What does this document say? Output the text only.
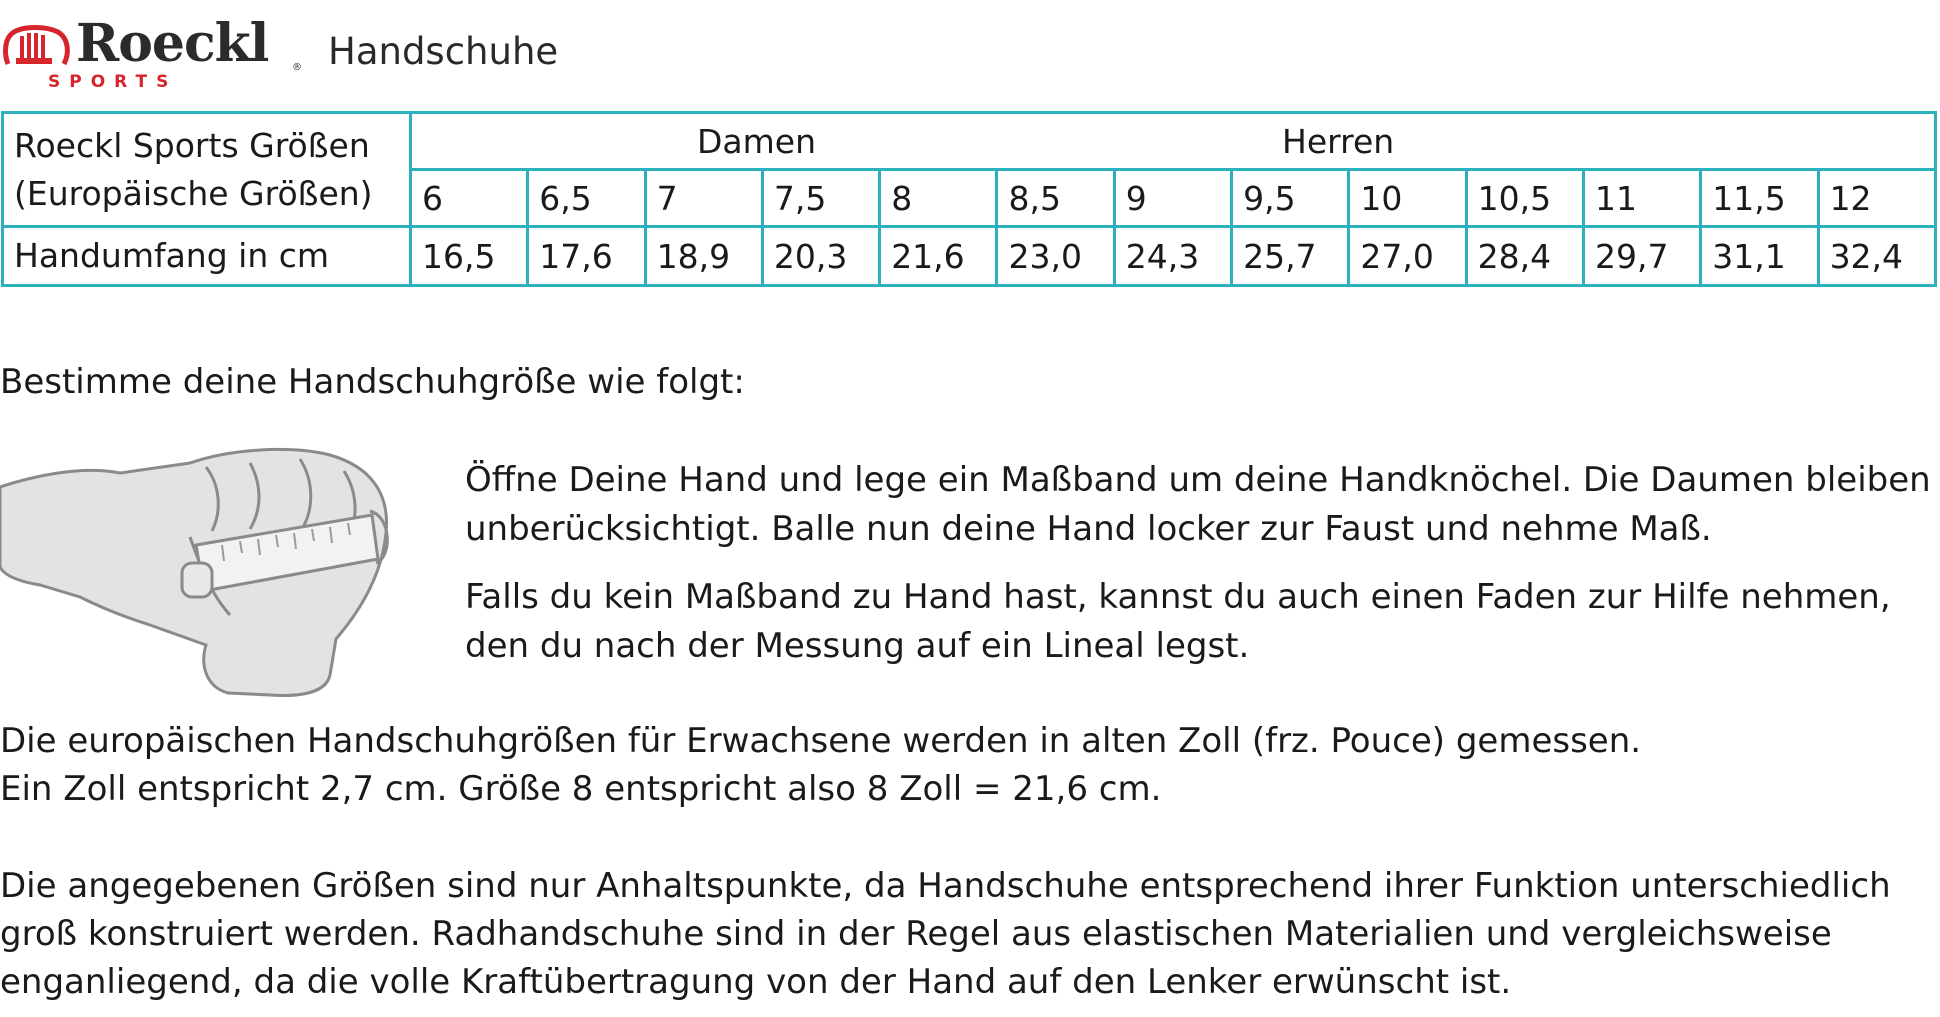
Roeckl ®
SPORTS
Handschuhe
Roeckl Sports Größen
(Europäische Größen)	Damen Herren												

	6	6,5	7	7,5	8	8,5	9	9,5	10	10,5	11	11,5	12
Handumfang in cm	16,5	17,6	18,9	20,3	21,6	23,0	24,3	25,7	27,0	28,4	29,7	31,1	32,4
Bestimme deine Handschuhgröße wie folgt:
Öffne Deine Hand und lege ein Maßband um deine Handknöchel. Die Daumen bleiben
unberücksichtigt. Balle nun deine Hand locker zur Faust und nehme Maß.
Falls du kein Maßband zu Hand hast, kannst du auch einen Faden zur Hilfe nehmen,
den du nach der Messung auf ein Lineal legst.
Die europäischen Handschuhgrößen für Erwachsene werden in alten Zoll (frz. Pouce) gemessen.
Ein Zoll entspricht 2,7 cm. Größe 8 entspricht also 8 Zoll = 21,6 cm.
Die angegebenen Größen sind nur Anhaltspunkte, da Handschuhe entsprechend ihrer Funktion unterschiedlich
groß konstruiert werden. Radhandschuhe sind in der Regel aus elastischen Materialien und vergleichsweise
enganliegend, da die volle Kraftübertragung von der Hand auf den Lenker erwünscht ist.
